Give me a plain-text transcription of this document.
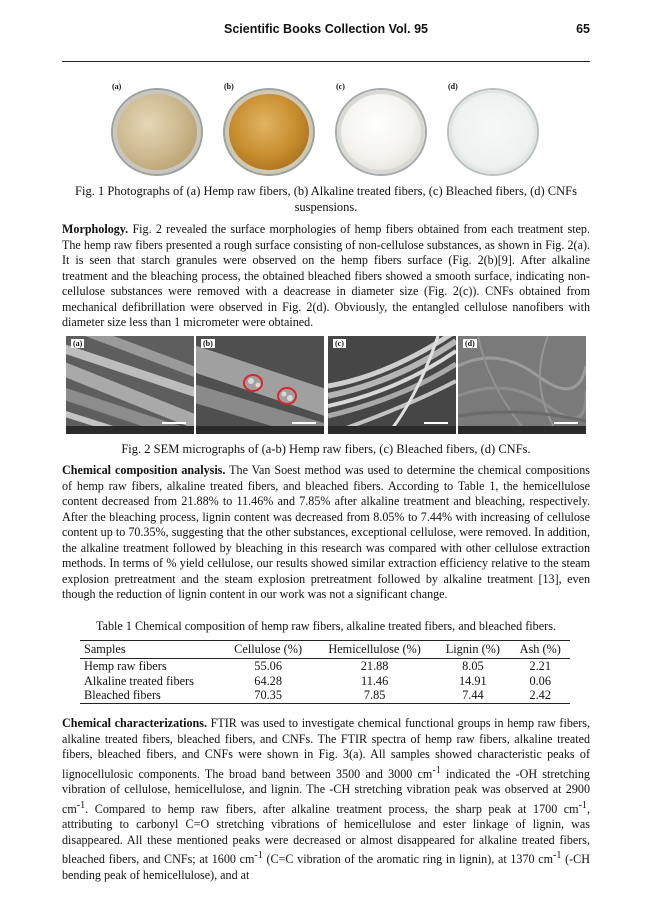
Scientific Books Collection Vol. 95	65
(a)	(b)	(c)	(d)
Fig. 1 Photographs of (a) Hemp raw fibers, (b) Alkaline treated fibers, (c) Bleached fibers, (d) CNFs suspensions.

Morphology. Fig. 2 revealed the surface morphologies of hemp fibers obtained from each treatment step. The hemp raw fibers presented a rough surface consisting of non-cellulose substances, as shown in Fig. 2(a). It is seen that starch granules were observed on the hemp fibers surface (Fig. 2(b)[9]. After alkaline treatment and the bleaching process, the obtained bleached fibers showed a smooth surface, indicating non-cellulose substances were removed with a deacrease in diameter size (Fig. 2(c)). CNFs obtained from mechanical defibrillation were observed in Fig. 2(d). Obviously, the entangled cellulose nanofibers with diameter size less than 1 micrometer were obtained.

(a)	(b)	(c)	(d)
Fig. 2 SEM micrographs of (a-b) Hemp raw fibers, (c) Bleached fibers, (d) CNFs.

Chemical composition analysis. The Van Soest method was used to determine the chemical compositions of hemp raw fibers, alkaline treated fibers, and bleached fibers. According to Table 1, the hemicellulose content decreased from 21.88% to 11.46% and 7.85% after alkaline treatment and bleaching, respectively. After the bleaching process, lignin content was decreased from 8.05% to 7.44% with increasing of cellulose content up to 70.35%, suggesting that the other substances, exceptional cellulose, were removed. In addition, the alkaline treatment followed by bleaching in this research was compared with other cellulose extraction methods. In terms of % yield cellulose, our results showed similar extraction efficiency relative to the steam explosion pretreatment and the steam explosion pretreatment followed by alkaline treatment [13], even though the reduction of lignin content in our work was not a significant change.

Table 1 Chemical composition of hemp raw fibers, alkaline treated fibers, and bleached fibers.
Samples	Cellulose (%)	Hemicellulose (%)	Lignin (%)	Ash (%)
Hemp raw fibers	55.06	21.88	8.05	2.21
Alkaline treated fibers	64.28	11.46	14.91	0.06
Bleached fibers	70.35	7.85	7.44	2.42

Chemical characterizations. FTIR was used to investigate chemical functional groups in hemp raw fibers, alkaline treated fibers, bleached fibers, and CNFs. The FTIR spectra of hemp raw fibers, alkaline treated fibers, bleached fibers, and CNFs were shown in Fig. 3(a). All samples showed characteristic peaks of lignocellulosic components. The broad band between 3500 and 3000 $cm^{-1}$ indicated the -OH stretching vibration of cellulose, hemicellulose, and lignin. The -CH stretching vibration peak was observed at 2900 $cm^{-1}$. Compared to hemp raw fibers, after alkaline treatment process, the sharp peak at 1700 $cm^{-1}$, attributing to carbonyl C=O stretching vibrations of hemicellulose and ester linkage of lignin, was disappeared. All these mentioned peaks were decreased or almost disappeared for alkaline treated fibers, bleached fibers, and CNFs; at 1600 $cm^{-1}$ (C=C vibration of the aromatic ring in lignin), at 1370 $cm^{-1}$ (-CH bending peak of hemicellulose), and at
